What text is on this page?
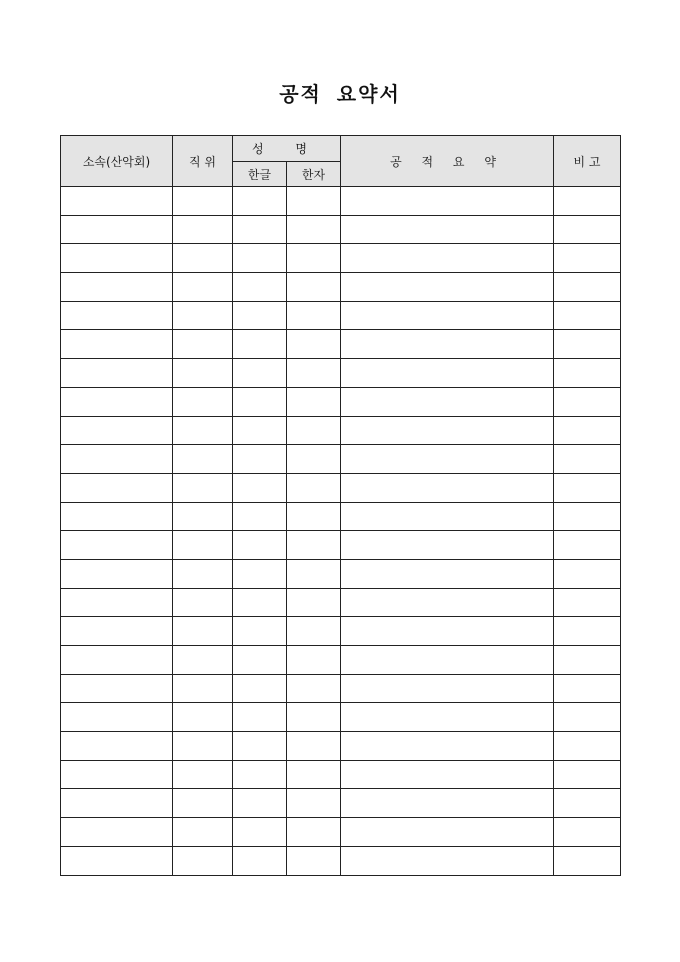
공적 요약서
소속(산악회)	직 위	성 명		공 적 요 약	비 고
		한글	한자		
